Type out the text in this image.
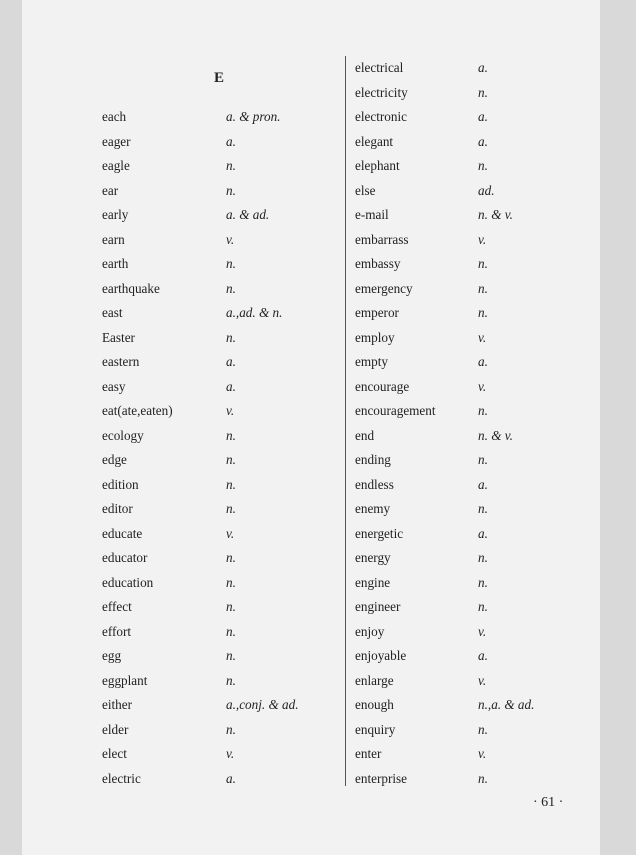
E
each	a. & pron.
eager	a.
eagle	n.
ear	n.
early	a. & ad.
earn	v.
earth	n.
earthquake	n.
east	a.,ad. & n.
Easter	n.
eastern	a.
easy	a.
eat(ate,eaten)	v.
ecology	n.
edge	n.
edition	n.
editor	n.
educate	v.
educator	n.
education	n.
effect	n.
effort	n.
egg	n.
eggplant	n.
either	a.,conj. & ad.
elder	n.
elect	v.
electric	a.
electrical	a.
electricity	n.
electronic	a.
elegant	a.
elephant	n.
else	ad.
e-mail	n. & v.
embarrass	v.
embassy	n.
emergency	n.
emperor	n.
employ	v.
empty	a.
encourage	v.
encouragement	n.
end	n. & v.
ending	n.
endless	a.
enemy	n.
energetic	a.
energy	n.
engine	n.
engineer	n.
enjoy	v.
enjoyable	a.
enlarge	v.
enough	n.,a. & ad.
enquiry	n.
enter	v.
enterprise	n.
· 61 ·
